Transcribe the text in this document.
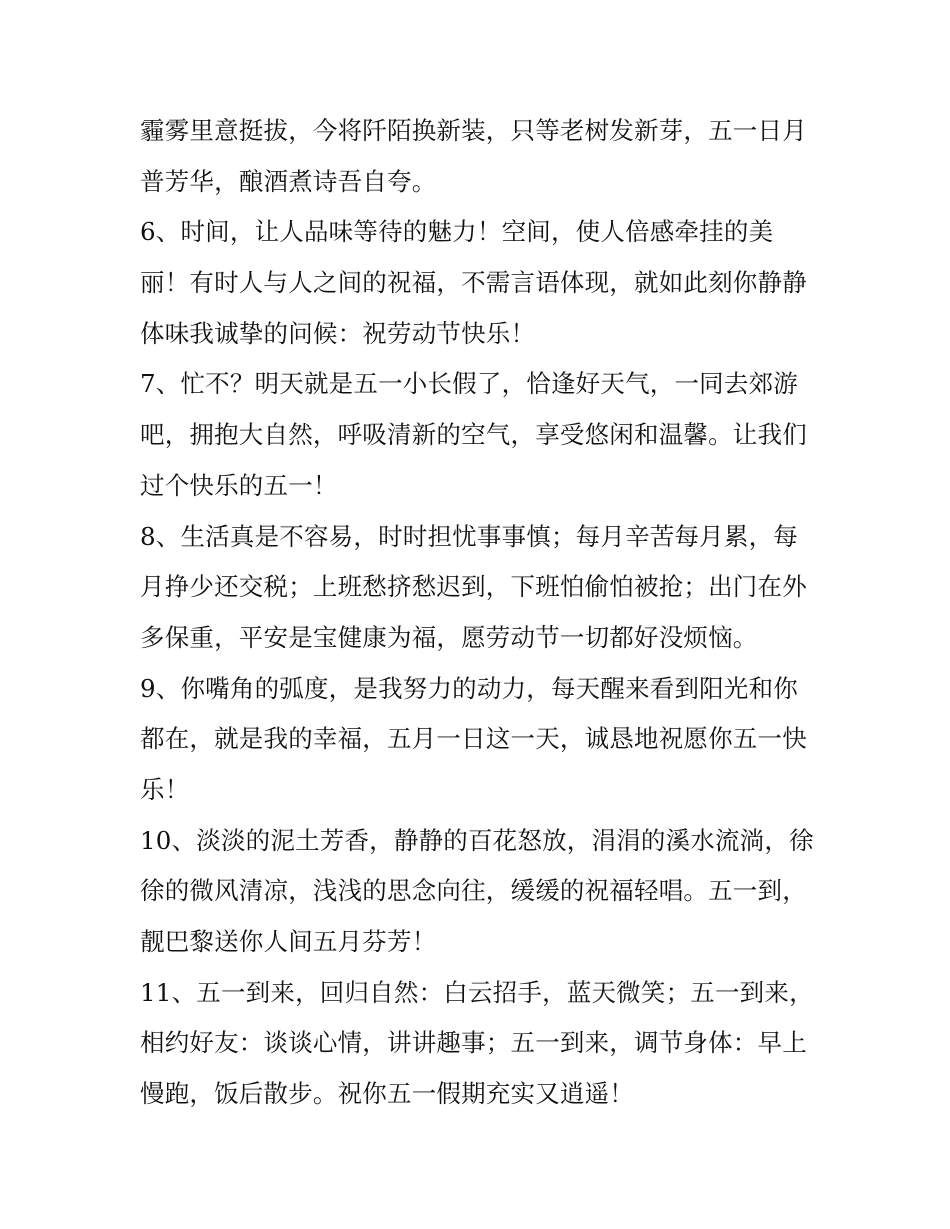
霾雾里意挺拔，今将阡陌换新装，只等老树发新芽，五一日月
普芳华，酿酒煮诗吾自夸。
6、时间，让人品味等待的魅力！空间，使人倍感牵挂的美
丽！有时人与人之间的祝福，不需言语体现，就如此刻你静静
体味我诚挚的问候：祝劳动节快乐！
7、忙不？明天就是五一小长假了，恰逢好天气，一同去郊游
吧，拥抱大自然，呼吸清新的空气，享受悠闲和温馨。让我们
过个快乐的五一！
8、生活真是不容易，时时担忧事事慎；每月辛苦每月累，每
月挣少还交税；上班愁挤愁迟到，下班怕偷怕被抢；出门在外
多保重，平安是宝健康为福，愿劳动节一切都好没烦恼。
9、你嘴角的弧度，是我努力的动力，每天醒来看到阳光和你
都在，就是我的幸福，五月一日这一天，诚恳地祝愿你五一快
乐！
10、淡淡的泥土芳香，静静的百花怒放，涓涓的溪水流淌，徐
徐的微风清凉，浅浅的思念向往，缓缓的祝福轻唱。五一到，
靓巴黎送你人间五月芬芳！
11、五一到来，回归自然：白云招手，蓝天微笑；五一到来，
相约好友：谈谈心情，讲讲趣事；五一到来，调节身体：早上
慢跑，饭后散步。祝你五一假期充实又逍遥！
